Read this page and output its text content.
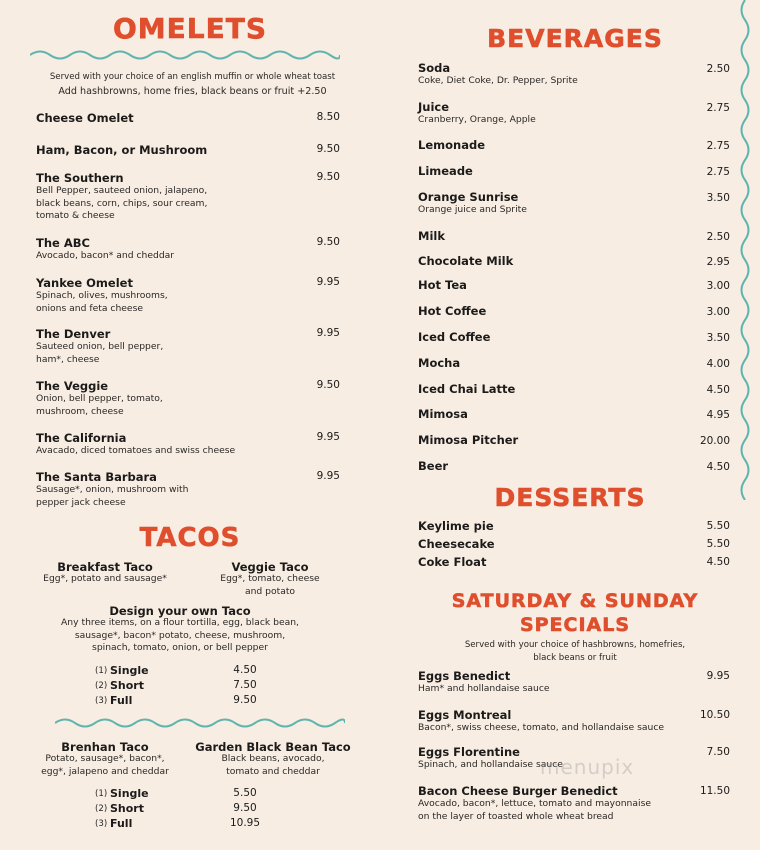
OMELETS
Served with your choice of an english muffin or whole wheat toast
Add hashbrowns, home fries, black beans or fruit +2.50
Cheese Omelet	8.50
Ham, Bacon, or Mushroom	9.50
The Southern	9.50
Bell Pepper, sauteed onion, jalapeno,
black beans, corn, chips, sour cream,
tomato & cheese
The ABC	9.50
Avocado, bacon* and cheddar
Yankee Omelet	9.95
Spinach, olives, mushrooms,
onions and feta cheese
The Denver	9.95
Sauteed onion, bell pepper,
ham*, cheese
The Veggie	9.50
Onion, bell pepper, tomato,
mushroom, cheese
The California	9.95
Avacado, diced tomatoes and swiss cheese
The Santa Barbara	9.95
Sausage*, onion, mushroom with
pepper jack cheese
TACOS
Breakfast Taco
Egg*, potato and sausage*
Veggie Taco
Egg*, tomato, cheese
and potato
Design your own Taco
Any three items, on a flour tortilla, egg, black bean,
sausage*, bacon* potato, cheese, mushroom,
spinach, tomato, onion, or bell pepper
(1) Single	4.50
(2) Short	7.50
(3) Full	9.50
Brenhan Taco
Potato, sausage*, bacon*,
egg*, jalapeno and cheddar
Garden Black Bean Taco
Black beans, avocado,
tomato and cheddar
(1) Single	5.50
(2) Short	9.50
(3) Full	10.95
BEVERAGES
Soda	2.50
Coke, Diet Coke, Dr. Pepper, Sprite
Juice	2.75
Cranberry, Orange, Apple
Lemonade	2.75
Limeade	2.75
Orange Sunrise	3.50
Orange juice and Sprite
Milk	2.50
Chocolate Milk	2.95
Hot Tea	3.00
Hot Coffee	3.00
Iced Coffee	3.50
Mocha	4.00
Iced Chai Latte	4.50
Mimosa	4.95
Mimosa Pitcher	20.00
Beer	4.50
DESSERTS
Keylime pie	5.50
Cheesecake	5.50
Coke Float	4.50
SATURDAY & SUNDAY
SPECIALS
Served with your choice of hashbrowns, homefries,
black beans or fruit
Eggs Benedict	9.95
Ham* and hollandaise sauce
Eggs Montreal	10.50
Bacon*, swiss cheese, tomato, and hollandaise sauce
Eggs Florentine	7.50
Spinach, and hollandaise sauce
Bacon Cheese Burger Benedict	11.50
Avocado, bacon*, lettuce, tomato and mayonnaise
on the layer of toasted whole wheat bread
menupix
